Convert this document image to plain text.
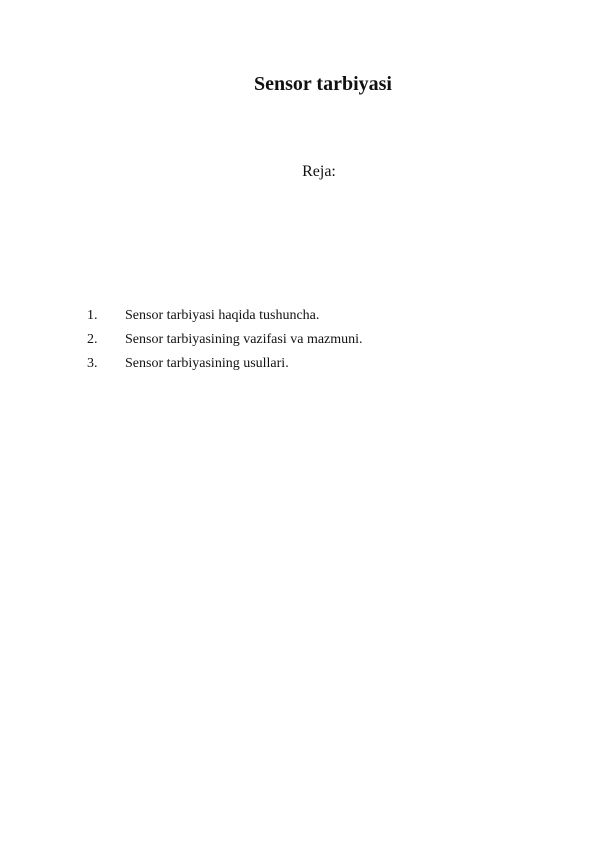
Sensor tarbiyasi
Reja:
1.	Sensor tarbiyasi haqida tushuncha.
2.	Sensor tarbiyasining vazifasi va mazmuni.
3.	Sensor tarbiyasining usullari.
